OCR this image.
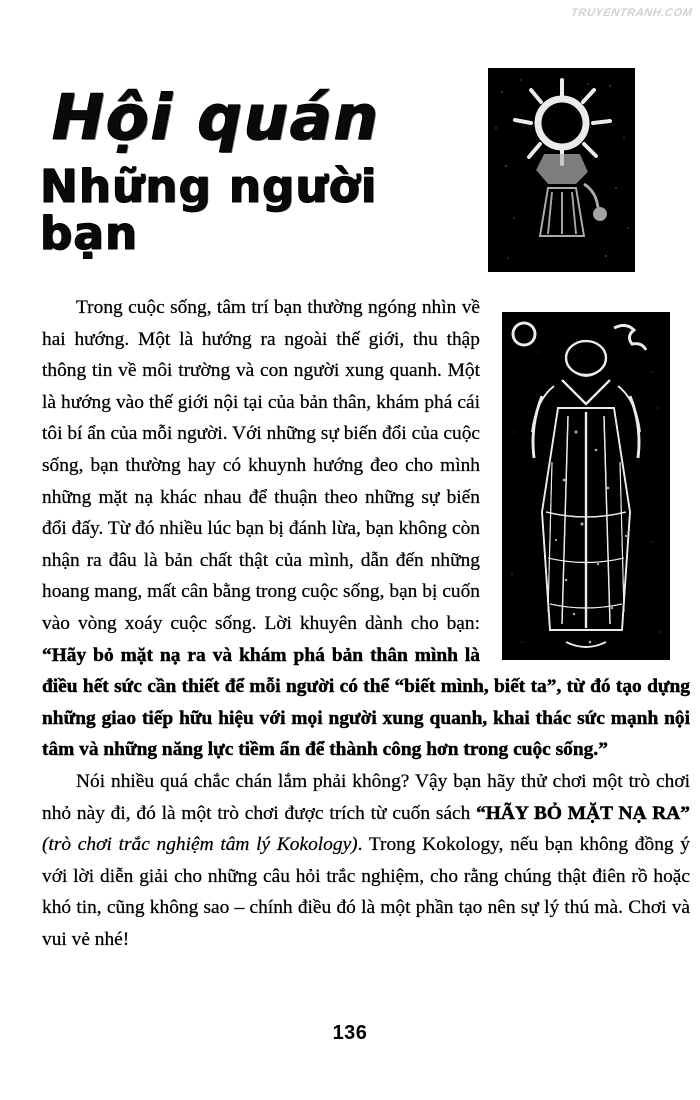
TRUYENTRANH.COM
Hội quán
Những người bạn

Trong cuộc sống, tâm trí bạn thường ngóng nhìn về hai hướng. Một là hướng ra ngoài thế giới, thu thập thông tin về môi trường và con người xung quanh. Một là hướng vào thế giới nội tại của bản thân, khám phá cái tôi bí ẩn của mỗi người. Với những sự biến đổi của cuộc sống, bạn thường hay có khuynh hướng đeo cho mình những mặt nạ khác nhau để thuận theo những sự biến đổi đấy. Từ đó nhiều lúc bạn bị đánh lừa, bạn không còn nhận ra đâu là bản chất thật của mình, dẫn đến những hoang mang, mất cân bằng trong cuộc sống, bạn bị cuốn vào vòng xoáy cuộc sống. Lời khuyên dành cho bạn: “Hãy bỏ mặt nạ ra và khám phá bản thân mình là điều hết sức cần thiết để mỗi người có thể “biết mình, biết ta”, từ đó tạo dựng những giao tiếp hữu hiệu với mọi người xung quanh, khai thác sức mạnh nội tâm và những năng lực tiềm ẩn để thành công hơn trong cuộc sống.”

Nói nhiều quá chắc chán lắm phải không? Vậy bạn hãy thử chơi một trò chơi nhỏ này đi, đó là một trò chơi được trích từ cuốn sách “HÃY BỎ MẶT NẠ RA” (trò chơi trắc nghiệm tâm lý Kokology). Trong Kokology, nếu bạn không đồng ý với lời diễn giải cho những câu hỏi trắc nghiệm, cho rằng chúng thật điên rồ hoặc khó tin, cũng không sao – chính điều đó là một phần tạo nên sự lý thú mà. Chơi và vui vẻ nhé!

136
